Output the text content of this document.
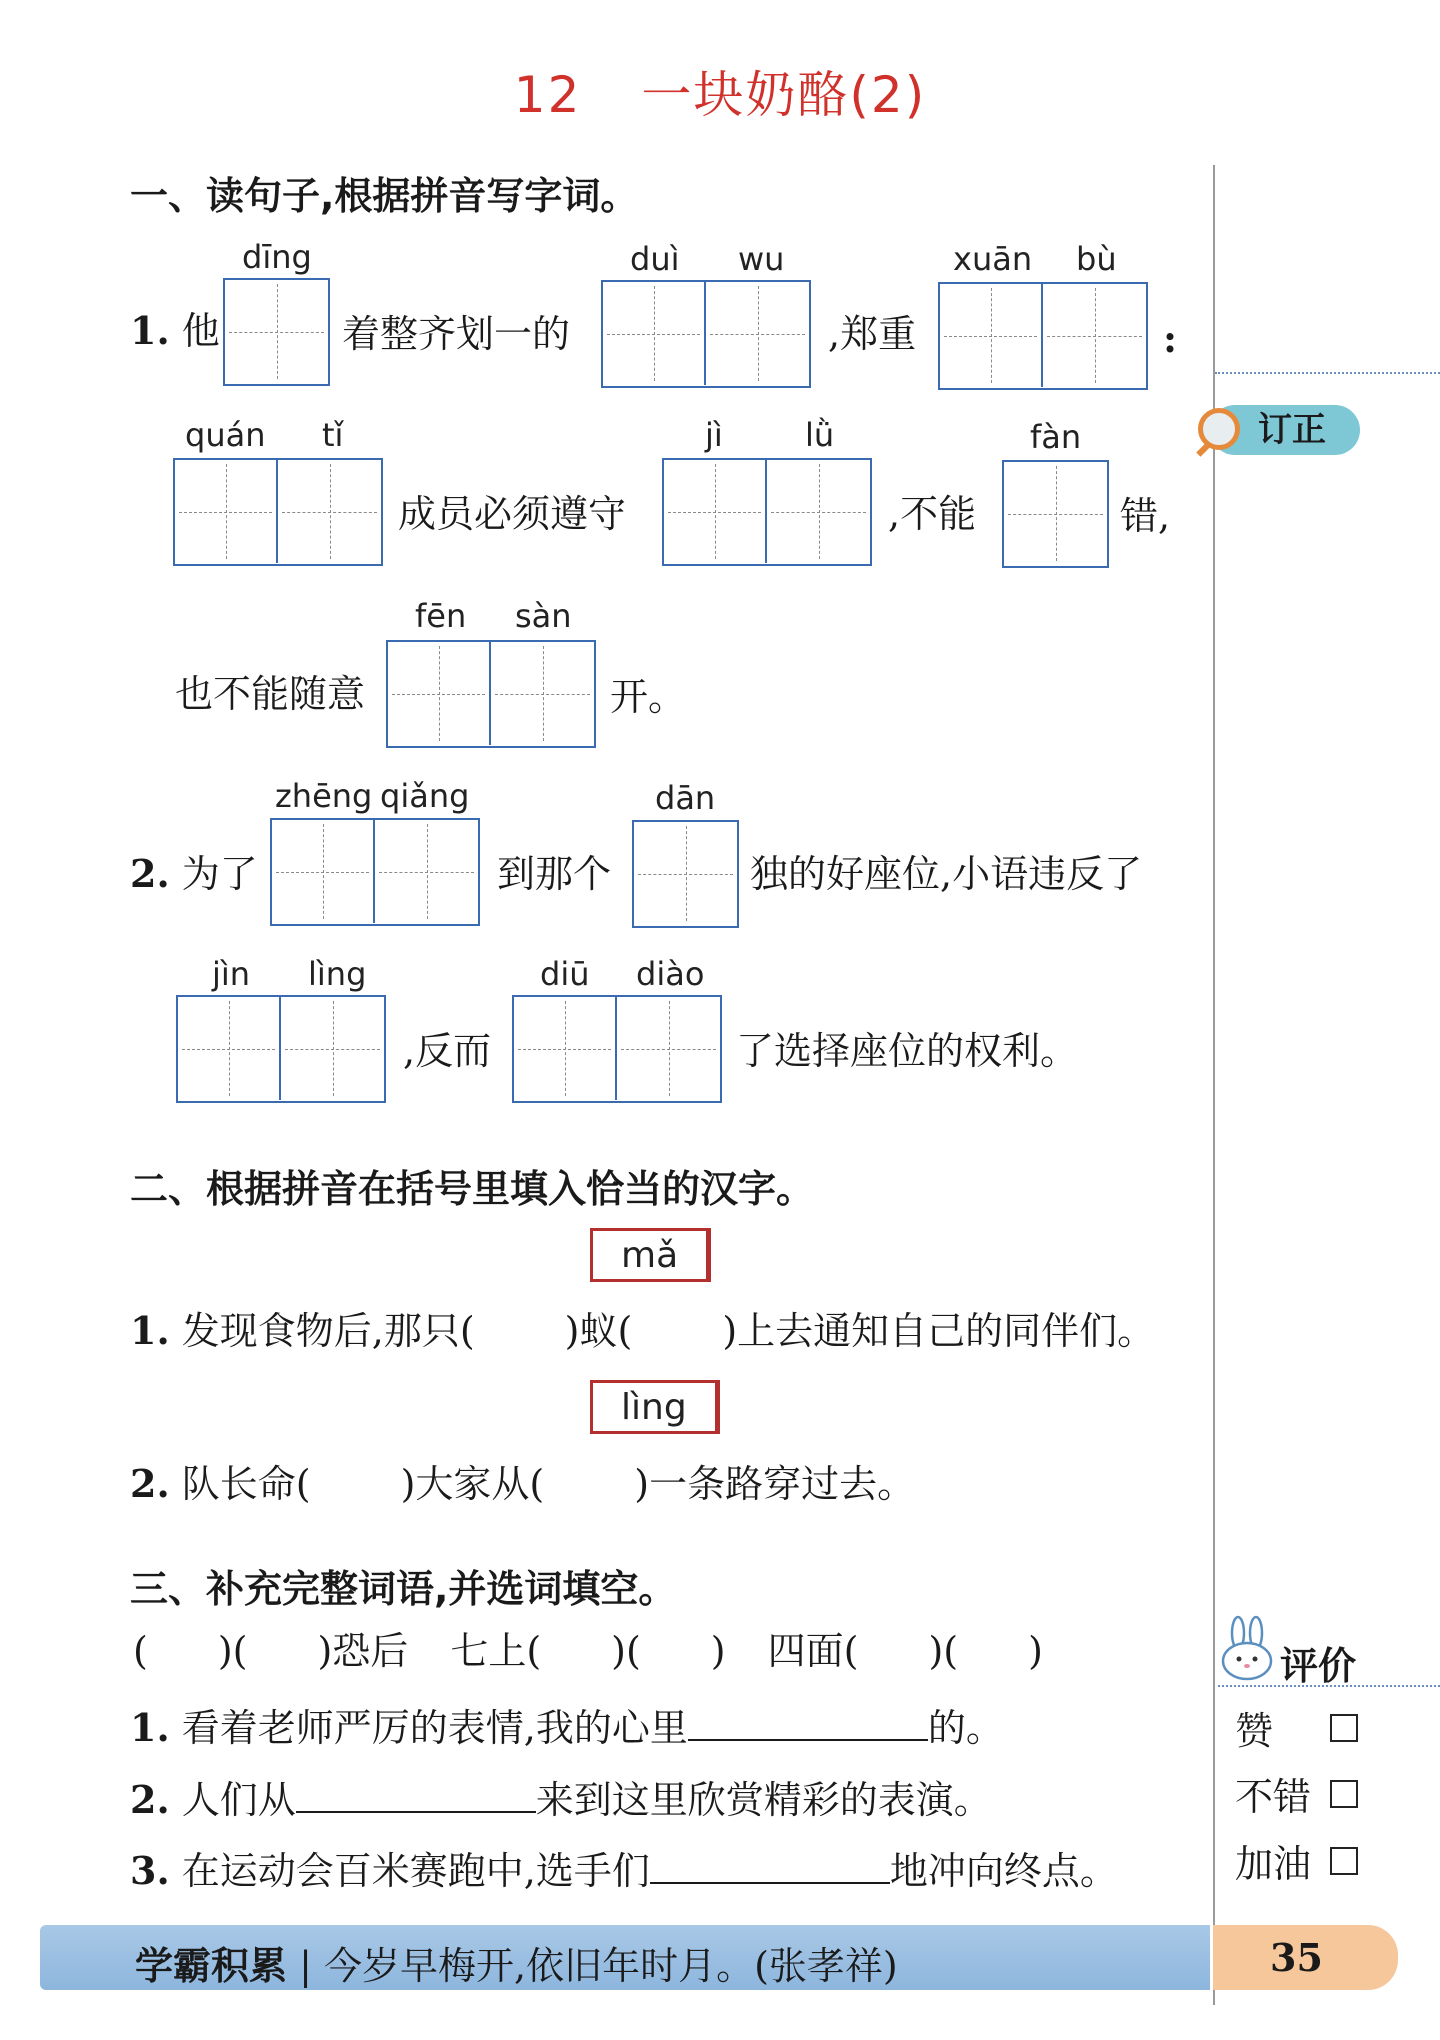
12 一块奶酪(2)
订正
一、读句子,根据拼音写字词。
1. 他
dīng
着整齐划一的
duì wu
,郑重
xuān bù
:
quán tǐ
成员必须遵守
jì	lǜ
,不能
fàn
错,
也不能随意
fēn sàn
开。
2. 为了
zhēng qiǎng
到那个
dān
独的好座位,小语违反了
jìn lìng
,反而
diū diào
了选择座位的权利。
二、根据拼音在括号里填入恰当的汉字。
mǎ
1. 发现食物后,那只( )蚁( )上去通知自己的同伴们。
lìng
2. 队长命( )大家从( )一条路穿过去。
三、补充完整词语,并选词填空。
( )( )恐后 七上( )( ) 四面( )( )
1. 看着老师严厉的表情,我的心里	的。
2. 人们从	来到这里欣赏精彩的表演。
3. 在运动会百米赛跑中,选手们	地冲向终点。
评价
赞
不错
加油
学霸积累 | 今岁早梅开,依旧年时月。(张孝祥)	35
